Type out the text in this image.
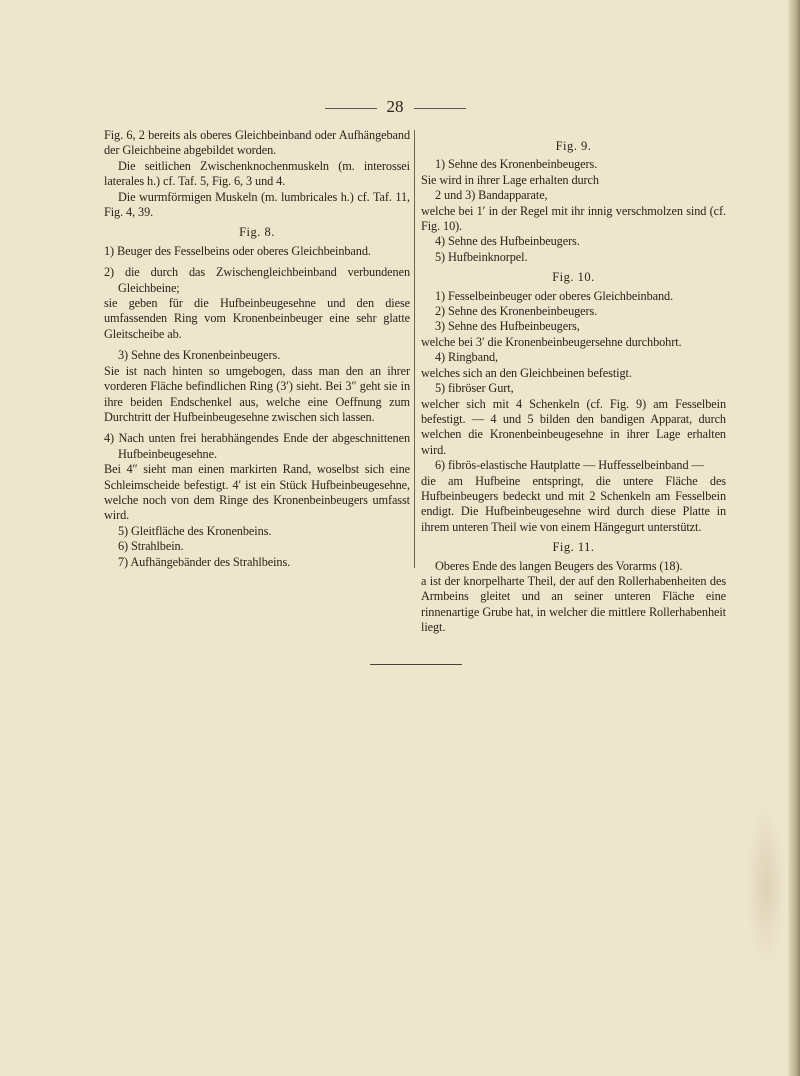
28

Fig. 6, 2 bereits als oberes Gleichbeinband oder Aufhängeband der Gleichbeine abgebildet worden.

Die seitlichen Zwischenknochenmuskeln (m. interossei laterales h.) cf. Taf. 5, Fig. 6, 3 und 4.

Die wurmförmigen Muskeln (m. lumbricales h.) cf. Taf. 11, Fig. 4, 39.

Fig. 8.

1) Beuger des Fesselbeins oder oberes Gleichbeinband.

2) die durch das Zwischengleichbeinband verbundenen Gleichbeine;

sie geben für die Hufbeinbeugesehne und den diese umfassenden Ring vom Kronenbeinbeuger eine sehr glatte Gleitscheibe ab.

3) Sehne des Kronenbeinbeugers.

Sie ist nach hinten so umgebogen, dass man den an ihrer vorderen Fläche befindlichen Ring (3′) sieht. Bei 3″ geht sie in ihre beiden Endschenkel aus, welche eine Oeffnung zum Durchtritt der Hufbeinbeugesehne zwischen sich lassen.

4) Nach unten frei herabhängendes Ende der abgeschnittenen Hufbeinbeugesehne.

Bei 4″ sieht man einen markirten Rand, woselbst sich eine Schleimscheide befestigt. 4′ ist ein Stück Hufbeinbeugesehne, welche noch von dem Ringe des Kronenbeinbeugers umfasst wird.

5) Gleitfläche des Kronenbeins.

6) Strahlbein.

7) Aufhängebänder des Strahlbeins.

Fig. 9.

1) Sehne des Kronenbeinbeugers.

Sie wird in ihrer Lage erhalten durch

2 und 3) Bandapparate,

welche bei 1′ in der Regel mit ihr innig verschmolzen sind (cf. Fig. 10).

4) Sehne des Hufbeinbeugers.

5) Hufbeinknorpel.

Fig. 10.

1) Fesselbeinbeuger oder oberes Gleichbeinband.

2) Sehne des Kronenbeinbeugers.

3) Sehne des Hufbeinbeugers,

welche bei 3′ die Kronenbeinbeugersehne durchbohrt.

4) Ringband,

welches sich an den Gleichbeinen befestigt.

5) fibröser Gurt,

welcher sich mit 4 Schenkeln (cf. Fig. 9) am Fesselbein befestigt. — 4 und 5 bilden den bandigen Apparat, durch welchen die Kronenbeinbeugesehne in ihrer Lage erhalten wird.

6) fibrös-elastische Hautplatte — Huffesselbeinband —

die am Hufbeine entspringt, die untere Fläche des Hufbeinbeugers bedeckt und mit 2 Schenkeln am Fesselbein endigt. Die Hufbeinbeugesehne wird durch diese Platte in ihrem unteren Theil wie von einem Hängegurt unterstützt.

Fig. 11.

Oberes Ende des langen Beugers des Vorarms (18).

a ist der knorpelharte Theil, der auf den Rollerhabenheiten des Armbeins gleitet und an seiner unteren Fläche eine rinnenartige Grube hat, in welcher die mittlere Rollerhabenheit liegt.
